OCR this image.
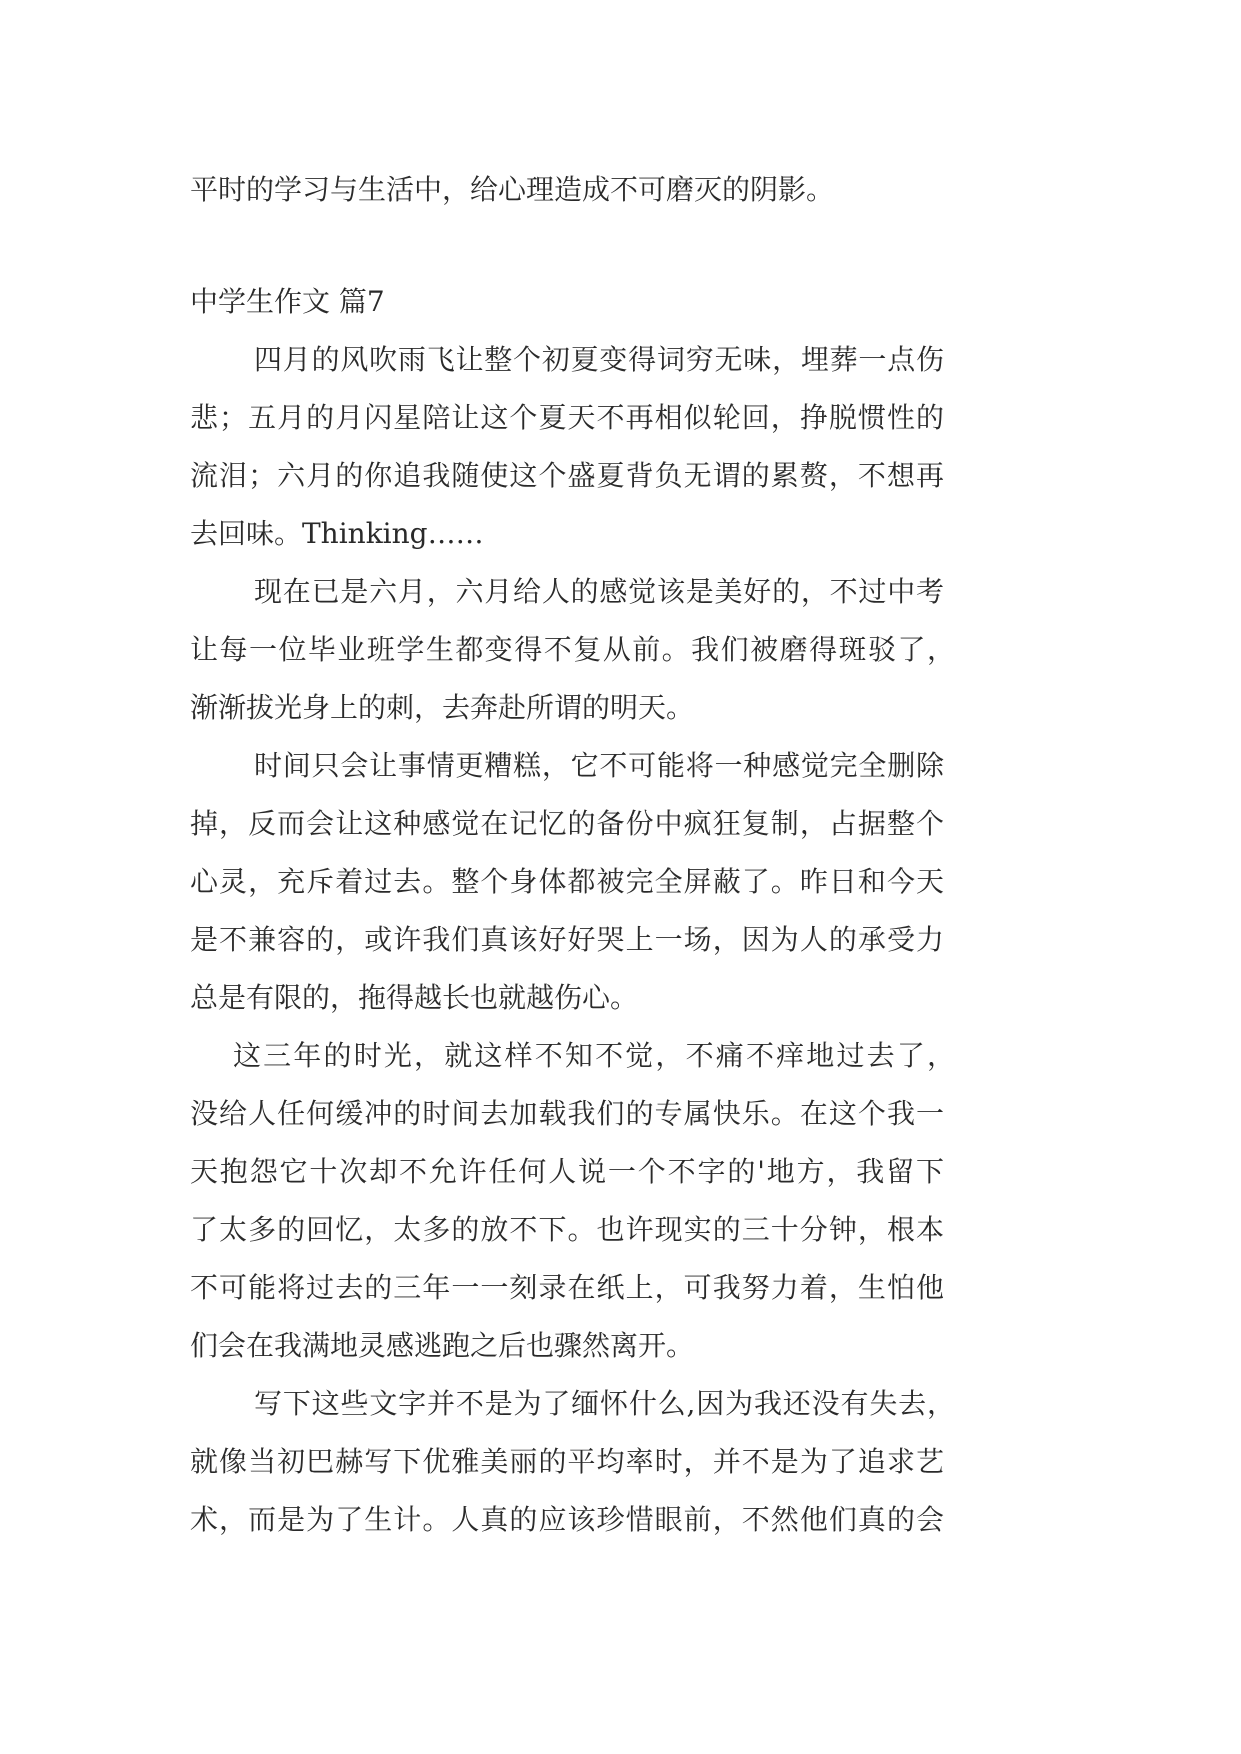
平时的学习与生活中，给心理造成不可磨灭的阴影。
中学生作文 篇7
四月的风吹雨飞让整个初夏变得词穷无味，埋葬一点伤
悲；五月的月闪星陪让这个夏天不再相似轮回，挣脱惯性的
流泪；六月的你追我随使这个盛夏背负无谓的累赘，不想再
去回味。Thinking……
现在已是六月，六月给人的感觉该是美好的，不过中考
让每一位毕业班学生都变得不复从前。我们被磨得斑驳了，
渐渐拔光身上的刺，去奔赴所谓的明天。
时间只会让事情更糟糕，它不可能将一种感觉完全删除
掉，反而会让这种感觉在记忆的备份中疯狂复制，占据整个
心灵，充斥着过去。整个身体都被完全屏蔽了。昨日和今天
是不兼容的，或许我们真该好好哭上一场，因为人的承受力
总是有限的，拖得越长也就越伤心。
这三年的时光，就这样不知不觉，不痛不痒地过去了，
没给人任何缓冲的时间去加载我们的专属快乐。在这个我一
天抱怨它十次却不允许任何人说一个不字的'地方，我留下
了太多的回忆，太多的放不下。也许现实的三十分钟，根本
不可能将过去的三年一一刻录在纸上，可我努力着，生怕他
们会在我满地灵感逃跑之后也骤然离开。
写下这些文字并不是为了缅怀什么,因为我还没有失去，
就像当初巴赫写下优雅美丽的平均率时，并不是为了追求艺
术，而是为了生计。人真的应该珍惜眼前，不然他们真的会
